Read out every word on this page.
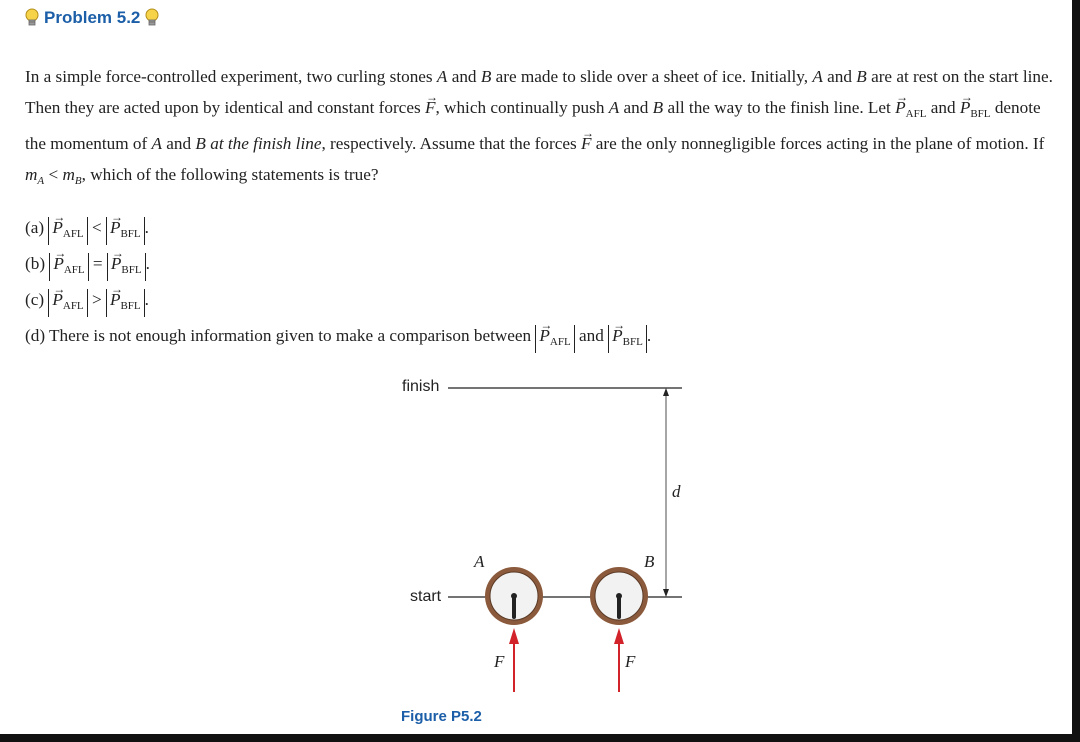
Problem 5.2
In a simple force-controlled experiment, two curling stones A and B are made to slide over a sheet of ice. Initially, A and B are at rest on the start line. Then they are acted upon by identical and constant forces → F, which continually push A and B all the way to the finish line. Let → $P_{AFL}$ and → $P_{BFL}$ denote the momentum of A and B at the finish line, respectively. Assume that the forces → F are the only nonnegligible forces acting in the plane of motion. If $m_A < m_B$, which of the following statements is true?
$(a) \to P_{AFL}$ < → $P_{BFL}$ .
$(b) \to P_{AFL}$ = → $P_{BFL}$ .
$(c) \to P_{AFL}$ > → $P_{BFL}$ .
(d) There is not enough information given to make a comparison between → $P_{AFL}$ and → $P_{BFL}$ .
finish
start
A	B
d
F	F
Figure P5.2
